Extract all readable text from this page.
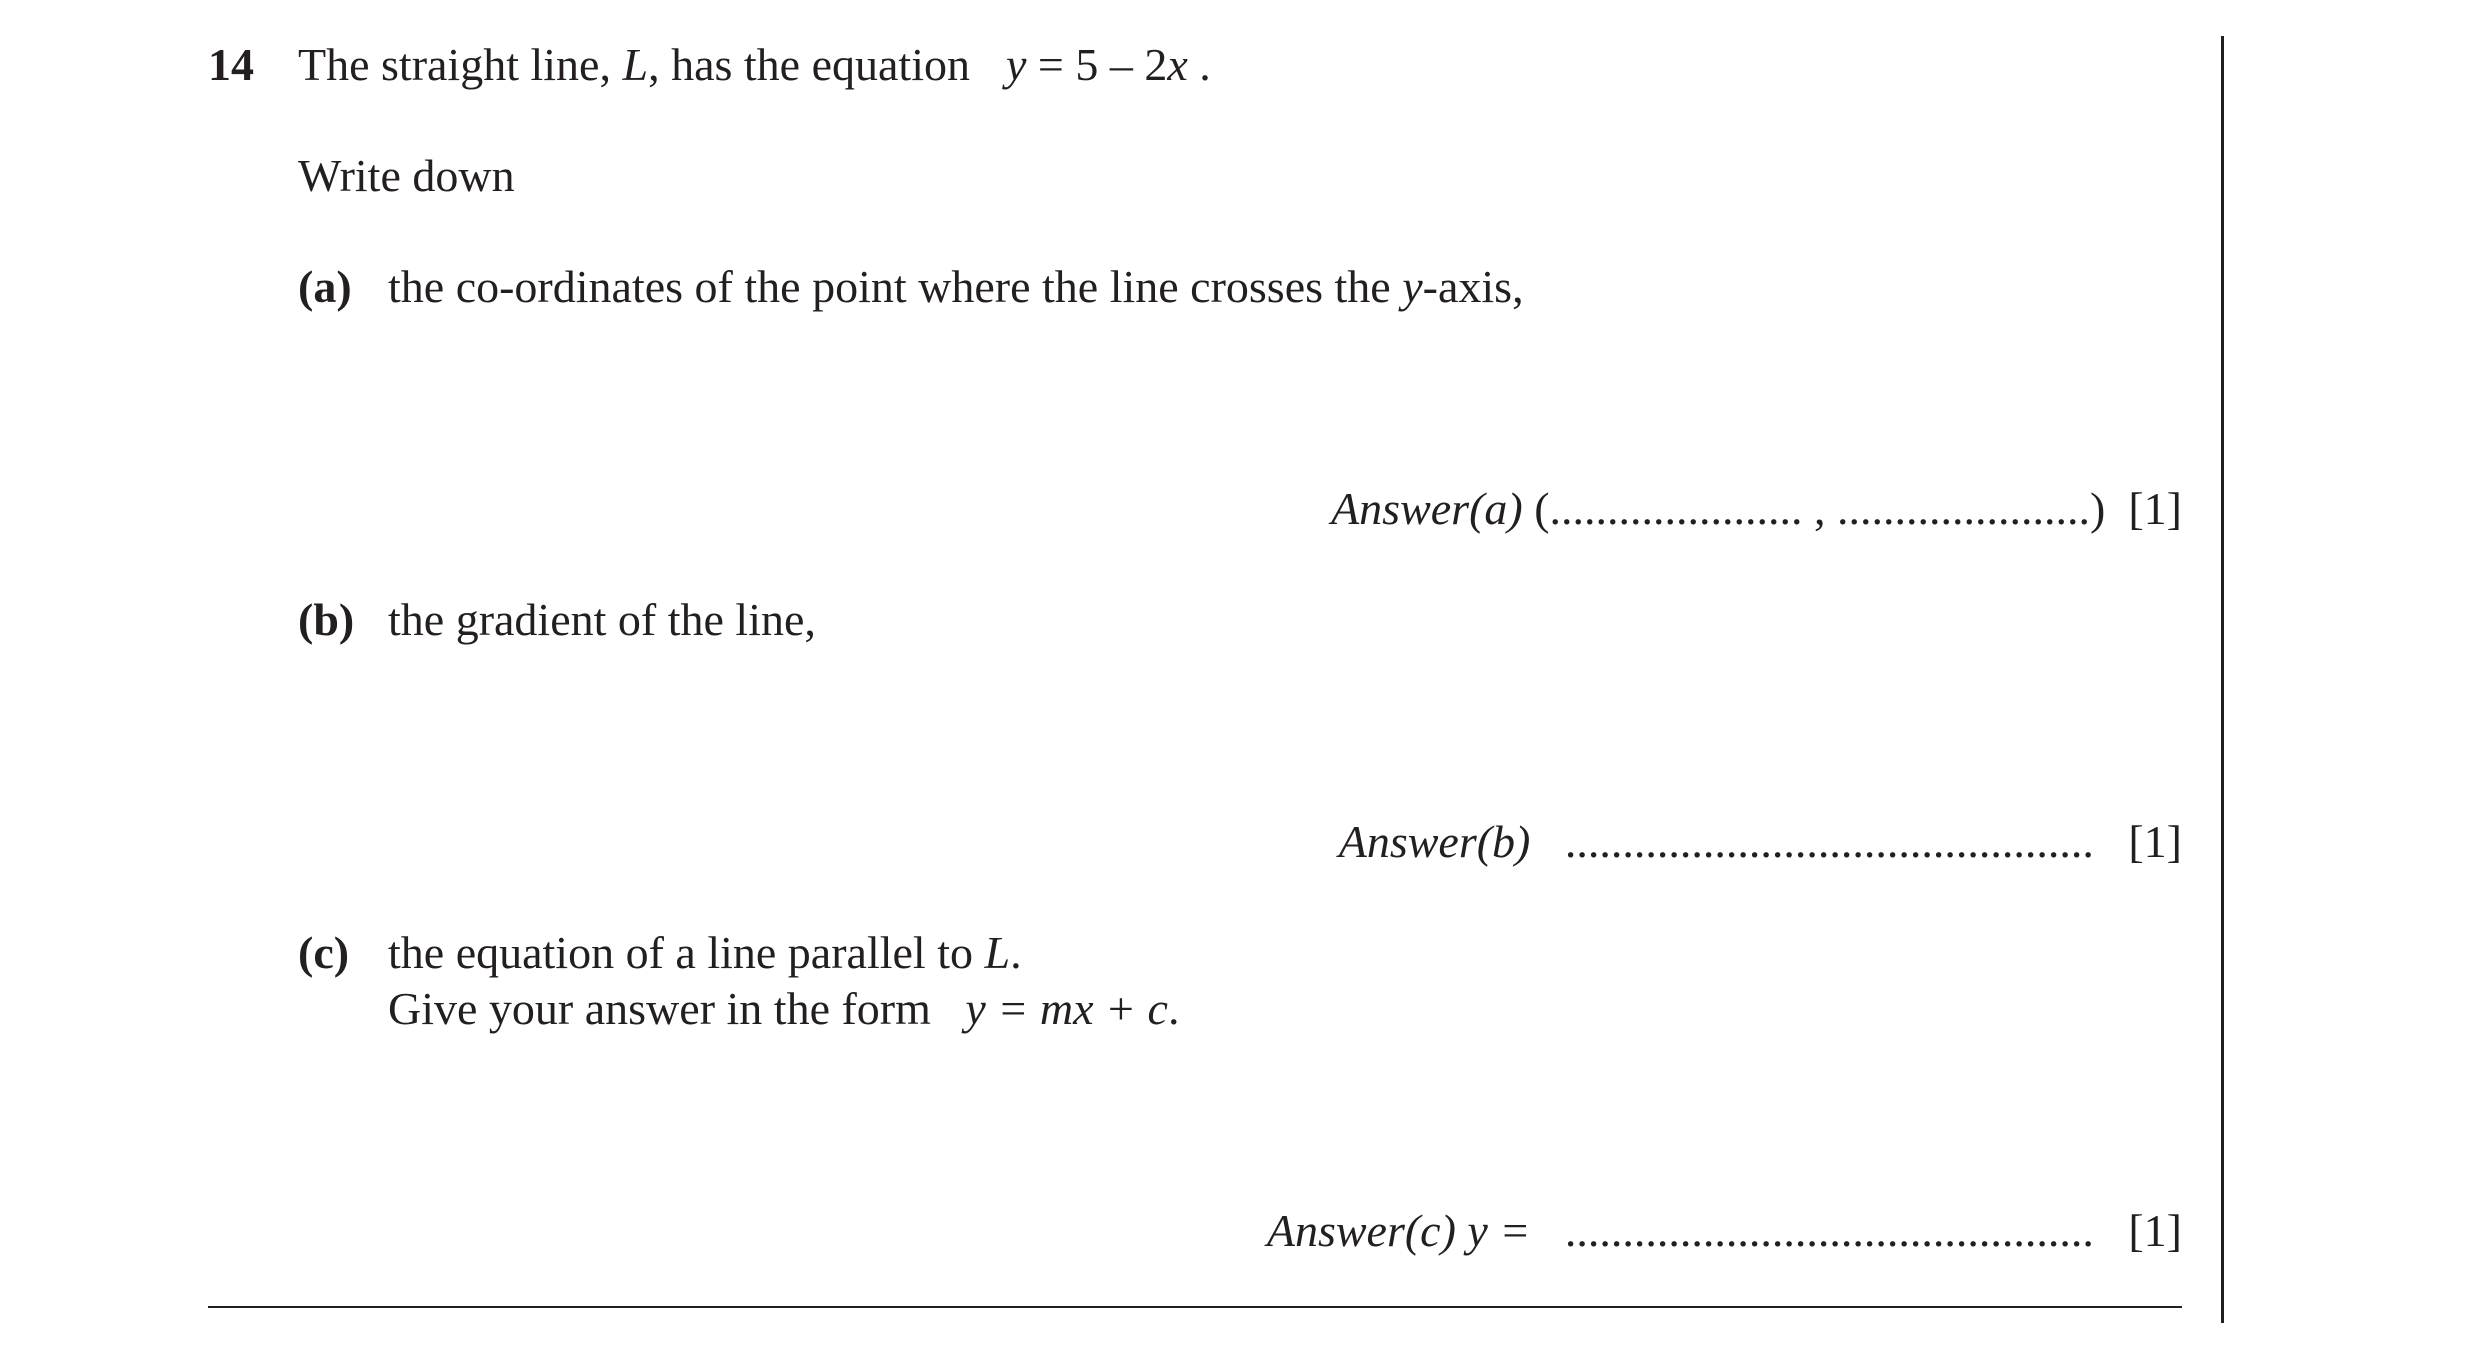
14 The straight line, L, has the equation y = 5 – 2x .
Write down
(a) the co-ordinates of the point where the line crosses the y-axis,
Answer(a) (...................... , ......................) [1]
(b) the gradient of the line,
Answer(b) .............................................. [1]
(c) the equation of a line parallel to L.
Give your answer in the form y = mx + c.
Answer(c) y = .............................................. [1]
